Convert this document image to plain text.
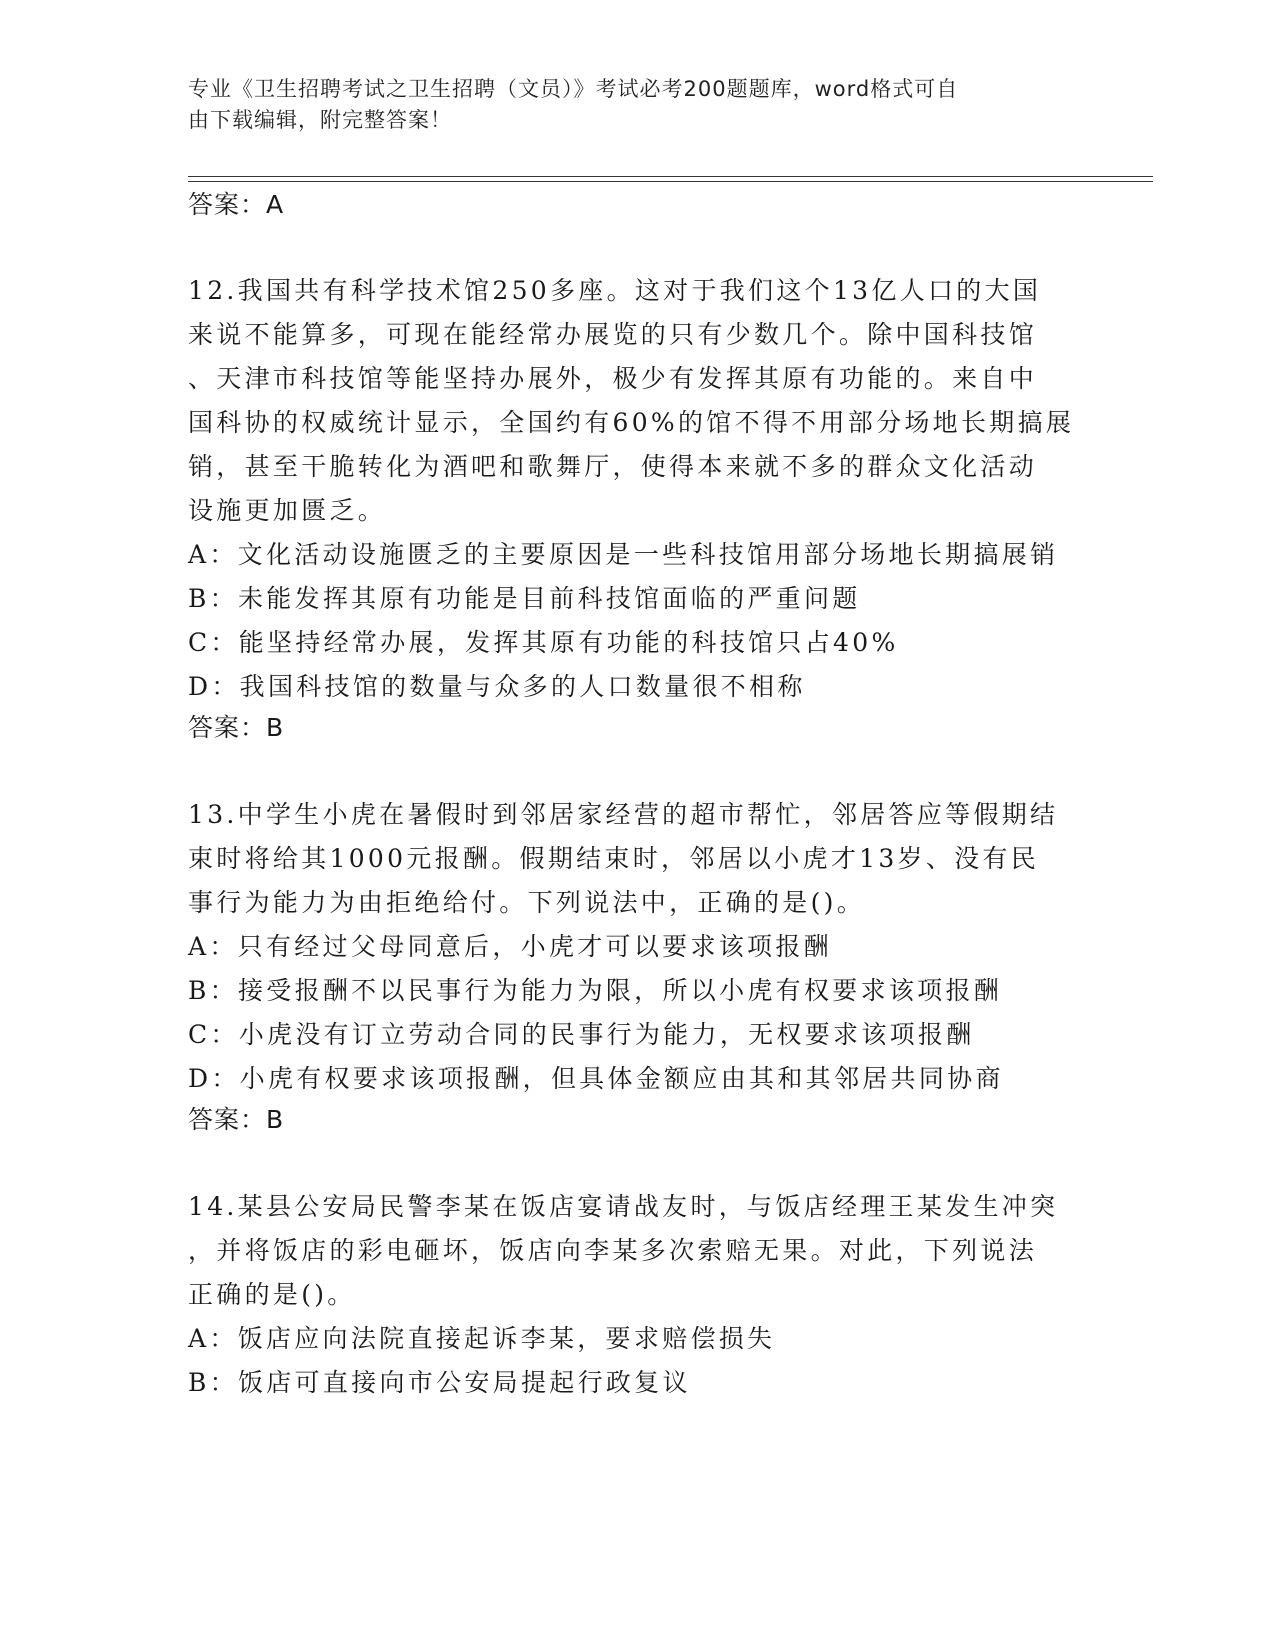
专业《卫生招聘考试之卫生招聘（文员）》考试必考200题题库，word格式可自
由下载编辑，附完整答案！
答案：A
12.我国共有科学技术馆250多座。这对于我们这个13亿人口的大国
来说不能算多，可现在能经常办展览的只有少数几个。除中国科技馆
、天津市科技馆等能坚持办展外，极少有发挥其原有功能的。来自中
国科协的权威统计显示，全国约有60%的馆不得不用部分场地长期搞展
销，甚至干脆转化为酒吧和歌舞厅，使得本来就不多的群众文化活动
设施更加匮乏。
A：文化活动设施匮乏的主要原因是一些科技馆用部分场地长期搞展销
B：未能发挥其原有功能是目前科技馆面临的严重问题
C：能坚持经常办展，发挥其原有功能的科技馆只占40%
D：我国科技馆的数量与众多的人口数量很不相称
答案：B
13.中学生小虎在暑假时到邻居家经营的超市帮忙，邻居答应等假期结
束时将给其1000元报酬。假期结束时，邻居以小虎才13岁、没有民
事行为能力为由拒绝给付。下列说法中，正确的是()。
A：只有经过父母同意后，小虎才可以要求该项报酬
B：接受报酬不以民事行为能力为限，所以小虎有权要求该项报酬
C：小虎没有订立劳动合同的民事行为能力，无权要求该项报酬
D：小虎有权要求该项报酬，但具体金额应由其和其邻居共同协商
答案：B
14.某县公安局民警李某在饭店宴请战友时，与饭店经理王某发生冲突
，并将饭店的彩电砸坏，饭店向李某多次索赔无果。对此，下列说法
正确的是()。
A：饭店应向法院直接起诉李某，要求赔偿损失
B：饭店可直接向市公安局提起行政复议
